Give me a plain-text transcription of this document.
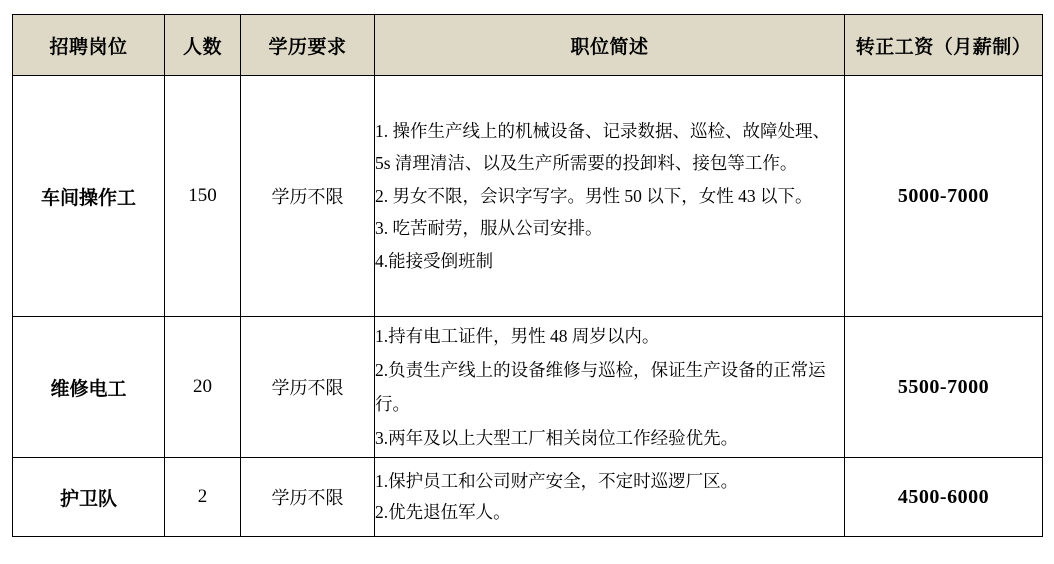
招聘岗位	人数	学历要求	职位简述	转正工资（月薪制）
车间操作工	150	学历不限	1. 操作生产线上的机械设备、记录数据、巡检、故障处理、5s 清理清洁、以及生产所需要的投卸料、接包等工作。
2. 男女不限，会识字写字。男性 50 以下，女性 43 以下。
3. 吃苦耐劳，服从公司安排。
4.能接受倒班制	5000-7000
维修电工	20	学历不限	1.持有电工证件，男性 48 周岁以内。
2.负责生产线上的设备维修与巡检，保证生产设备的正常运行。
3.两年及以上大型工厂相关岗位工作经验优先。	5500-7000
护卫队	2	学历不限	1.保护员工和公司财产安全，不定时巡逻厂区。
2.优先退伍军人。	4500-6000
